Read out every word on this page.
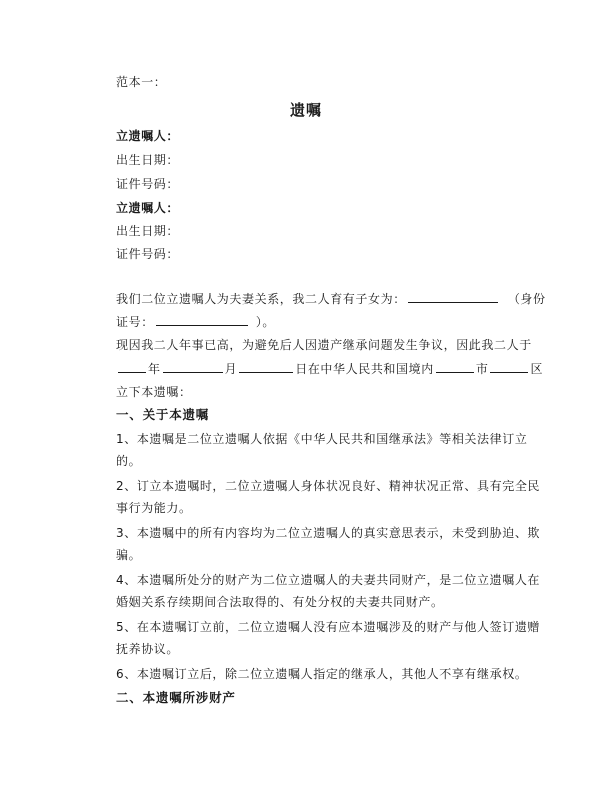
范本一：
遗嘱
立遗嘱人：
出生日期：
证件号码：
立遗嘱人：
出生日期：
证件号码：
我们二位立遗嘱人为夫妻关系，我二人育有子女为：	（身份
证号：	）。
现因我二人年事已高，为避免后人因遗产继承问题发生争议，因此我二人于
年	月	日在中华人民共和国境内	市	区
立下本遗嘱：
一、关于本遗嘱
1、本遗嘱是二位立遗嘱人依据《中华人民共和国继承法》等相关法律订立
的。
2、订立本遗嘱时，二位立遗嘱人身体状况良好、精神状况正常、具有完全民
事行为能力。
3、本遗嘱中的所有内容均为二位立遗嘱人的真实意思表示，未受到胁迫、欺
骗。
4、本遗嘱所处分的财产为二位立遗嘱人的夫妻共同财产，是二位立遗嘱人在
婚姻关系存续期间合法取得的、有处分权的夫妻共同财产。
5、在本遗嘱订立前，二位立遗嘱人没有应本遗嘱涉及的财产与他人签订遗赠
抚养协议。
6、本遗嘱订立后，除二位立遗嘱人指定的继承人，其他人不享有继承权。
二、本遗嘱所涉财产
